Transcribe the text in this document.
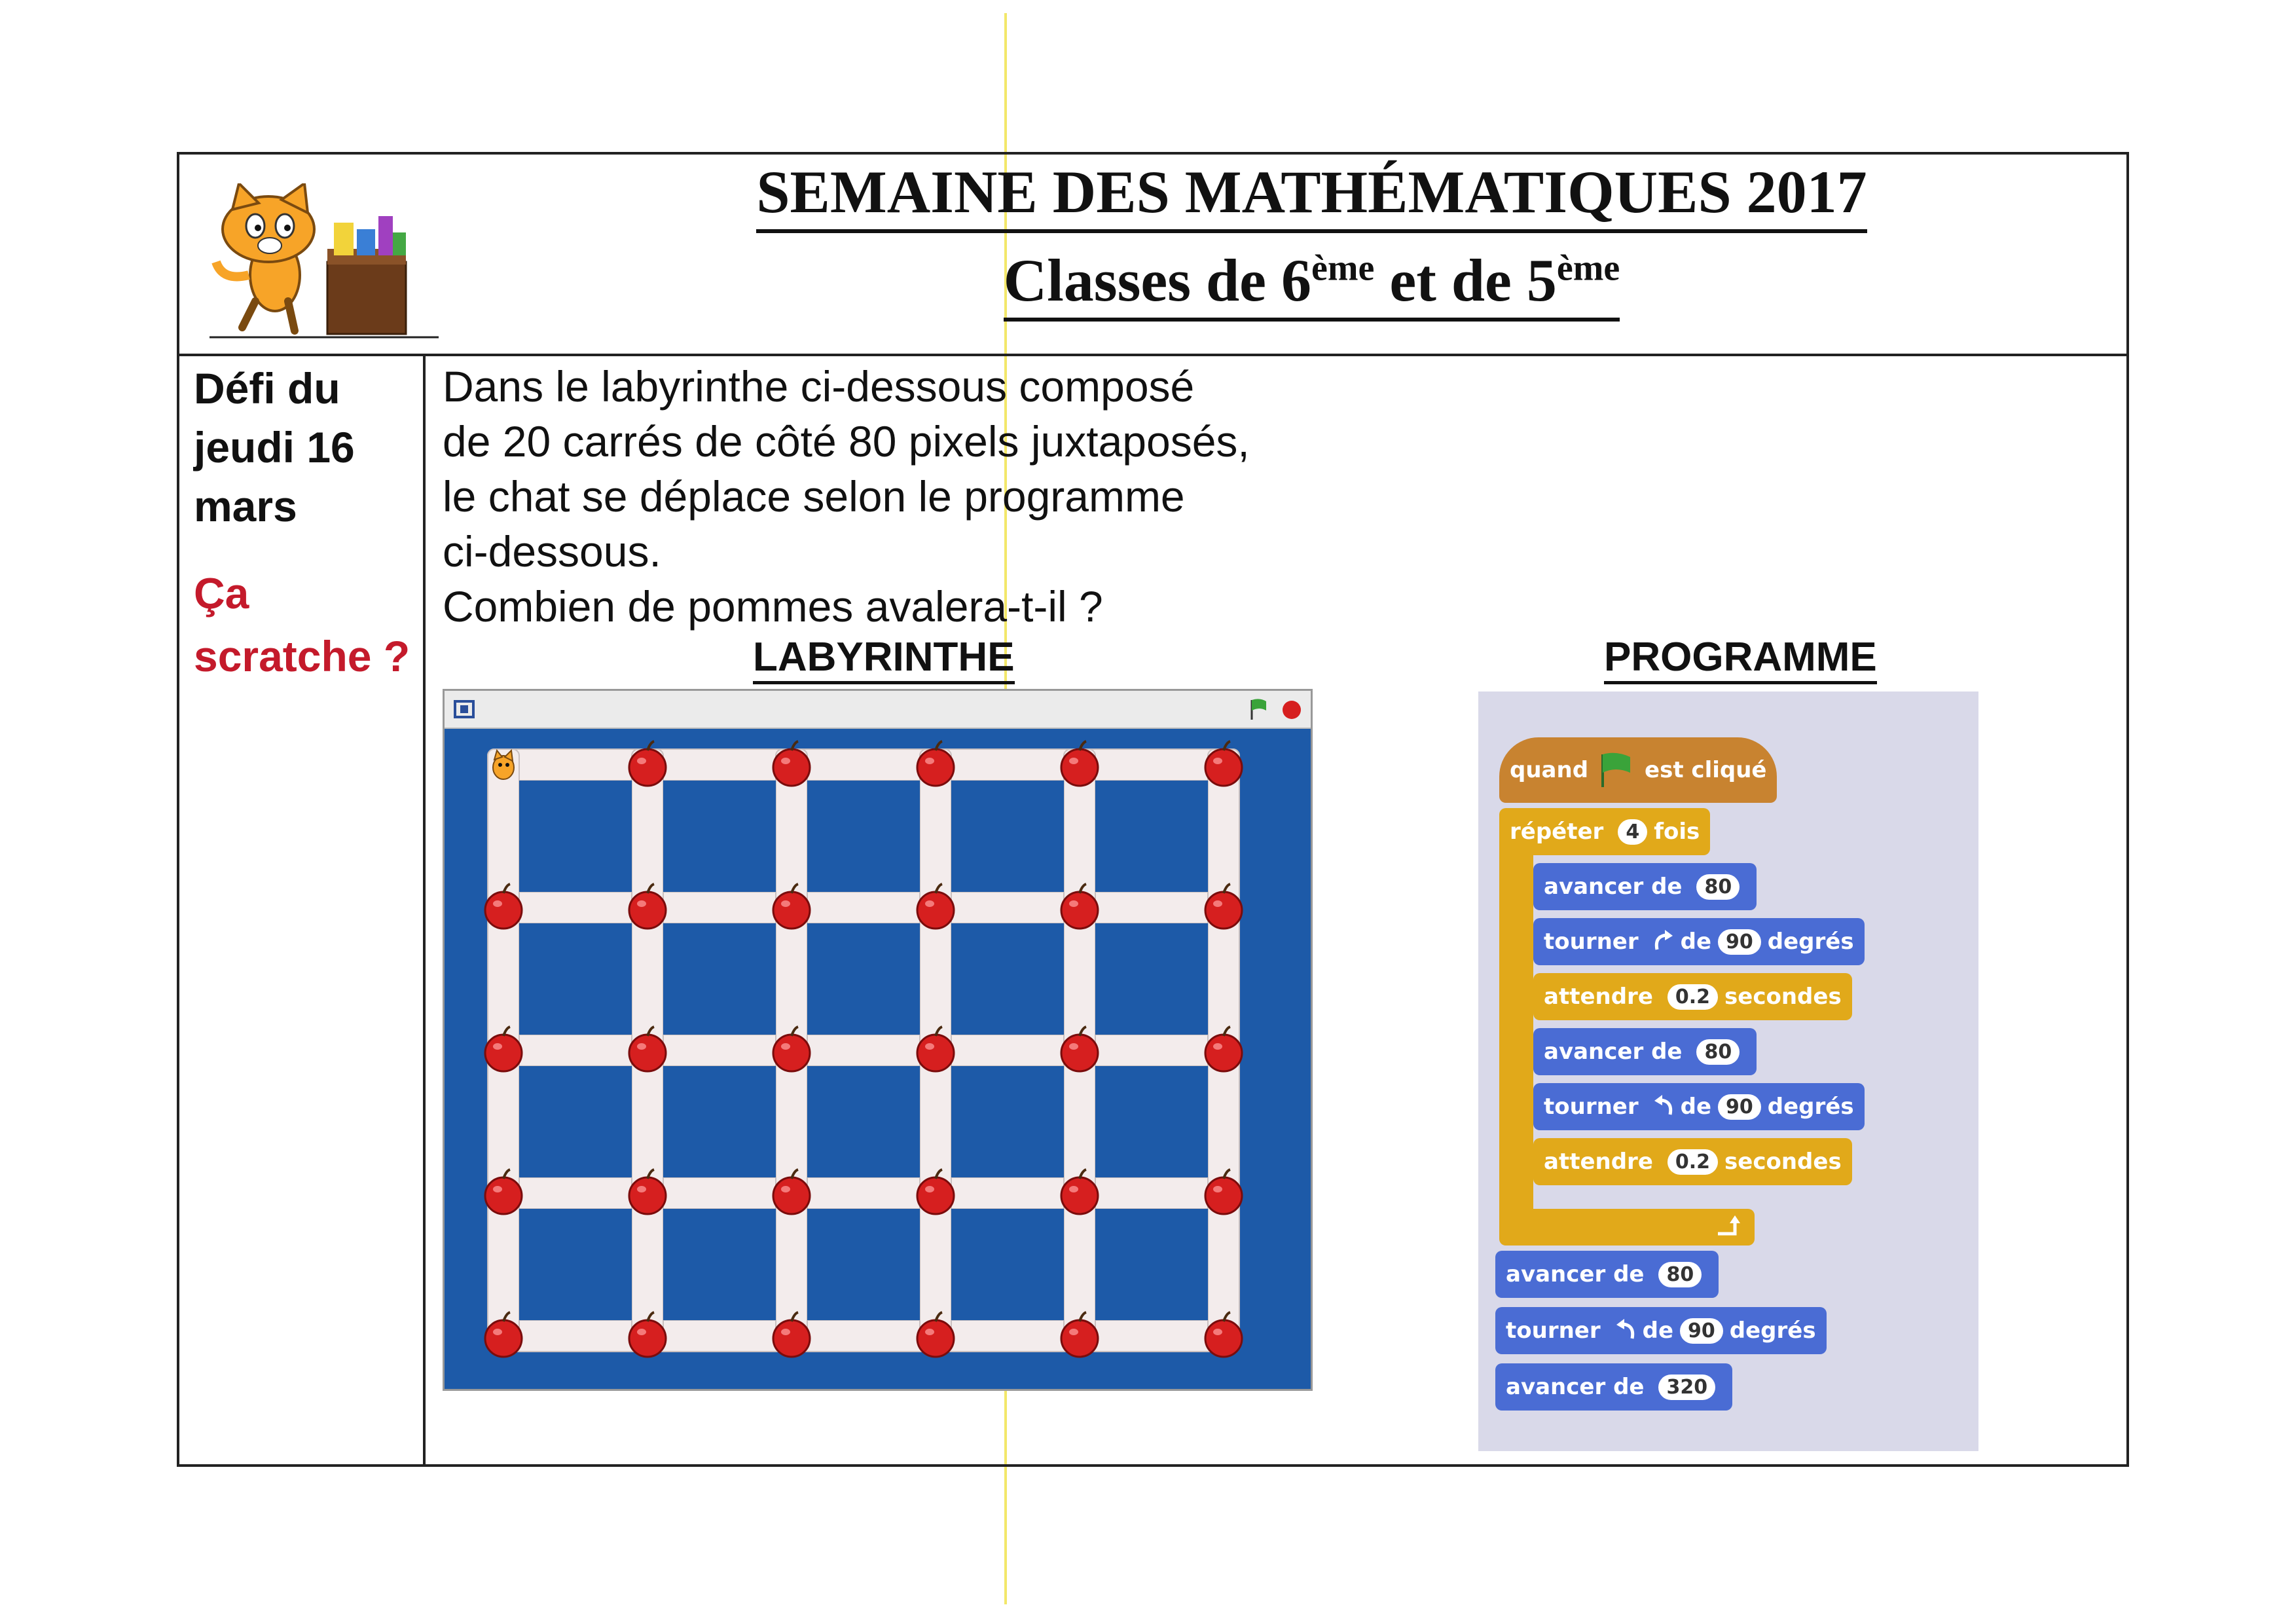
SEMAINE DES MATHÉMATIQUES 2017
Classes de 6ème et de 5ème
Défi du
jeudi 16
mars
Ça
scratche ?
Dans le labyrinthe ci-dessous composé
de 20 carrés de côté 80 pixels juxtaposés,
le chat se déplace selon le programme
ci-dessous.
Combien de pommes avalera-t-il ?
LABYRINTHE	PROGRAMME
quand	est cliqué
répéter	4 fois
avancer de	80
tourner de 90 degrés
attendre	0.2 secondes
avancer de	80
tourner de 90 degrés
attendre	0.2 secondes
avancer de	80
tourner de 90 degrés
avancer de	320
